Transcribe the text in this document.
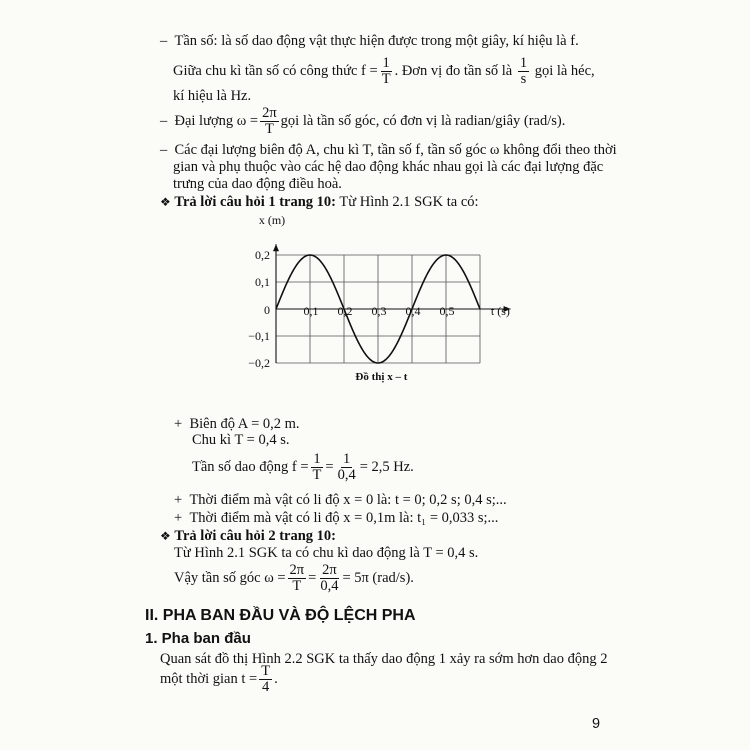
– Tần số: là số dao động vật thực hiện được trong một giây, kí hiệu là f.
Giữa chu kì tần số có công thức $f = \frac{1}{T}$ . Đơn vị đo tần số là
$\frac{1}{s}$
gọi là héc,
kí hiệu là Hz.
–
Đại lượng $\omega = \frac{2\pi}{T}$ gọi là tần số góc, có đơn vị là radian/giây (rad/s).
– Các đại lượng biên độ A, chu kì T, tần số f, tần số góc ω không đổi theo thời
gian và phụ thuộc vào các hệ dao động khác nhau gọi là các đại lượng đặc
trưng của dao động điều hoà.
❖ Trả lời câu hỏi 1 trang 10: Từ Hình 2.1 SGK ta có:
x (m)
0,2
0,1
−0,1
−0,2
0	0,1 0,2 0,3 0,4 0,5	t (s)
Đồ thị x – t
+ Biên độ A = 0,2 m.
Chu kì T = 0,4 s.
Tần số dao động $f = \frac{1}{T} = \frac{1}{0,4} = 2,5$ Hz.
+ Thời điểm mà vật có li độ x = 0 là: t = 0; 0,2 s; 0,4 s;...
+ Thời điểm mà vật có li độ x = 0,1m là: t₁ = 0,033 s;...
❖ Trả lời câu hỏi 2 trang 10:
Từ Hình 2.1 SGK ta có chu kì dao động là T = 0,4 s.
Vậy tần số góc $\omega = \frac{2\pi}{T} = \frac{2\pi}{0,4} = 5\pi$ (rad/s).
II. PHA BAN ĐẦU VÀ ĐỘ LỆCH PHA
1. Pha ban đầu
Quan sát đồ thị Hình 2.2 SGK ta thấy dao động 1 xảy ra sớm hơn dao động 2
một thời gian $t = \frac{T}{4}$ .
9
